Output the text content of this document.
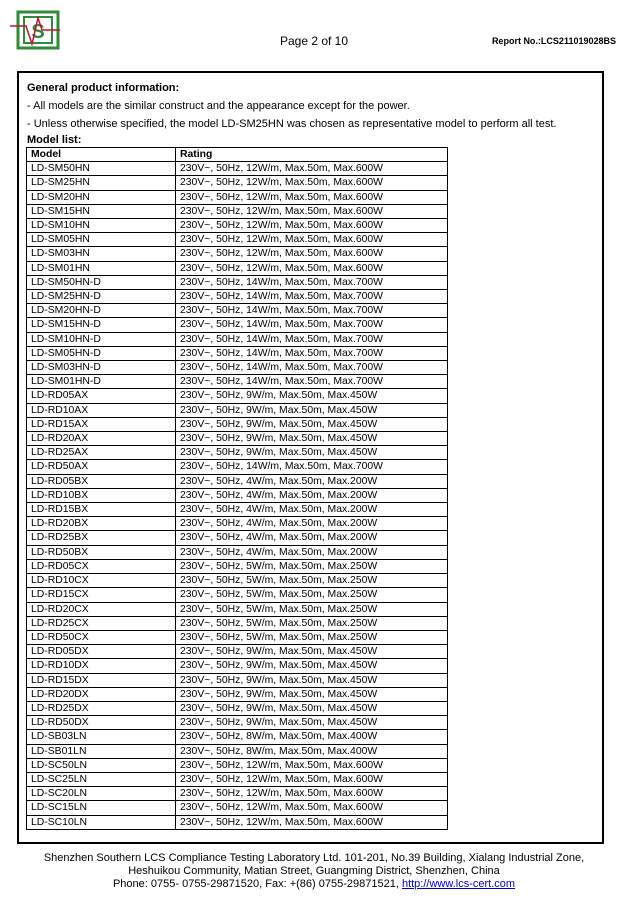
S	Page 2 of 10	Report No.:LCS211019028BS
General product information:
- All models are the similar construct and the appearance except for the power.
- Unless otherwise specified, the model LD-SM25HN was chosen as representative model to perform all test.
Model list:
Model	Rating
LD-SM50HN	230V~, 50Hz, 12W/m, Max.50m, Max.600W
LD-SM25HN	230V~, 50Hz, 12W/m, Max.50m, Max.600W
LD-SM20HN	230V~, 50Hz, 12W/m, Max.50m, Max.600W
LD-SM15HN	230V~, 50Hz, 12W/m, Max.50m, Max.600W
LD-SM10HN	230V~, 50Hz, 12W/m, Max.50m, Max.600W
LD-SM05HN	230V~, 50Hz, 12W/m, Max.50m, Max.600W
LD-SM03HN	230V~, 50Hz, 12W/m, Max.50m, Max.600W
LD-SM01HN	230V~, 50Hz, 12W/m, Max.50m, Max.600W
LD-SM50HN-D	230V~, 50Hz, 14W/m, Max.50m, Max.700W
LD-SM25HN-D	230V~, 50Hz, 14W/m, Max.50m, Max.700W
LD-SM20HN-D	230V~, 50Hz, 14W/m, Max.50m, Max.700W
LD-SM15HN-D	230V~, 50Hz, 14W/m, Max.50m, Max.700W
LD-SM10HN-D	230V~, 50Hz, 14W/m, Max.50m, Max.700W
LD-SM05HN-D	230V~, 50Hz, 14W/m, Max.50m, Max.700W
LD-SM03HN-D	230V~, 50Hz, 14W/m, Max.50m, Max.700W
LD-SM01HN-D	230V~, 50Hz, 14W/m, Max.50m, Max.700W
LD-RD05AX	230V~, 50Hz, 9W/m, Max.50m, Max.450W
LD-RD10AX	230V~, 50Hz, 9W/m, Max.50m, Max.450W
LD-RD15AX	230V~, 50Hz, 9W/m, Max.50m, Max.450W
LD-RD20AX	230V~, 50Hz, 9W/m, Max.50m, Max.450W
LD-RD25AX	230V~, 50Hz, 9W/m, Max.50m, Max.450W
LD-RD50AX	230V~, 50Hz, 14W/m, Max.50m, Max.700W
LD-RD05BX	230V~, 50Hz, 4W/m, Max.50m, Max.200W
LD-RD10BX	230V~, 50Hz, 4W/m, Max.50m, Max.200W
LD-RD15BX	230V~, 50Hz, 4W/m, Max.50m, Max.200W
LD-RD20BX	230V~, 50Hz, 4W/m, Max.50m, Max.200W
LD-RD25BX	230V~, 50Hz, 4W/m, Max.50m, Max.200W
LD-RD50BX	230V~, 50Hz, 4W/m, Max.50m, Max.200W
LD-RD05CX	230V~, 50Hz, 5W/m, Max.50m, Max.250W
LD-RD10CX	230V~, 50Hz, 5W/m, Max.50m, Max.250W
LD-RD15CX	230V~, 50Hz, 5W/m, Max.50m, Max.250W
LD-RD20CX	230V~, 50Hz, 5W/m, Max.50m, Max.250W
LD-RD25CX	230V~, 50Hz, 5W/m, Max.50m, Max.250W
LD-RD50CX	230V~, 50Hz, 5W/m, Max.50m, Max.250W
LD-RD05DX	230V~, 50Hz, 9W/m, Max.50m, Max.450W
LD-RD10DX	230V~, 50Hz, 9W/m, Max.50m, Max.450W
LD-RD15DX	230V~, 50Hz, 9W/m, Max.50m, Max.450W
LD-RD20DX	230V~, 50Hz, 9W/m, Max.50m, Max.450W
LD-RD25DX	230V~, 50Hz, 9W/m, Max.50m, Max.450W
LD-RD50DX	230V~, 50Hz, 9W/m, Max.50m, Max.450W
LD-SB03LN	230V~, 50Hz, 8W/m, Max.50m, Max.400W
LD-SB01LN	230V~, 50Hz, 8W/m, Max.50m, Max.400W
LD-SC50LN	230V~, 50Hz, 12W/m, Max.50m, Max.600W
LD-SC25LN	230V~, 50Hz, 12W/m, Max.50m, Max.600W
LD-SC20LN	230V~, 50Hz, 12W/m, Max.50m, Max.600W
LD-SC15LN	230V~, 50Hz, 12W/m, Max.50m, Max.600W
LD-SC10LN	230V~, 50Hz, 12W/m, Max.50m, Max.600W
Shenzhen Southern LCS Compliance Testing Laboratory Ltd. 101-201, No.39 Building, Xialang Industrial Zone,
Heshuikou Community, Matian Street, Guangming District, Shenzhen, China
Phone: 0755- 0755-29871520, Fax: +(86) 0755-29871521, http://www.lcs-cert.com
